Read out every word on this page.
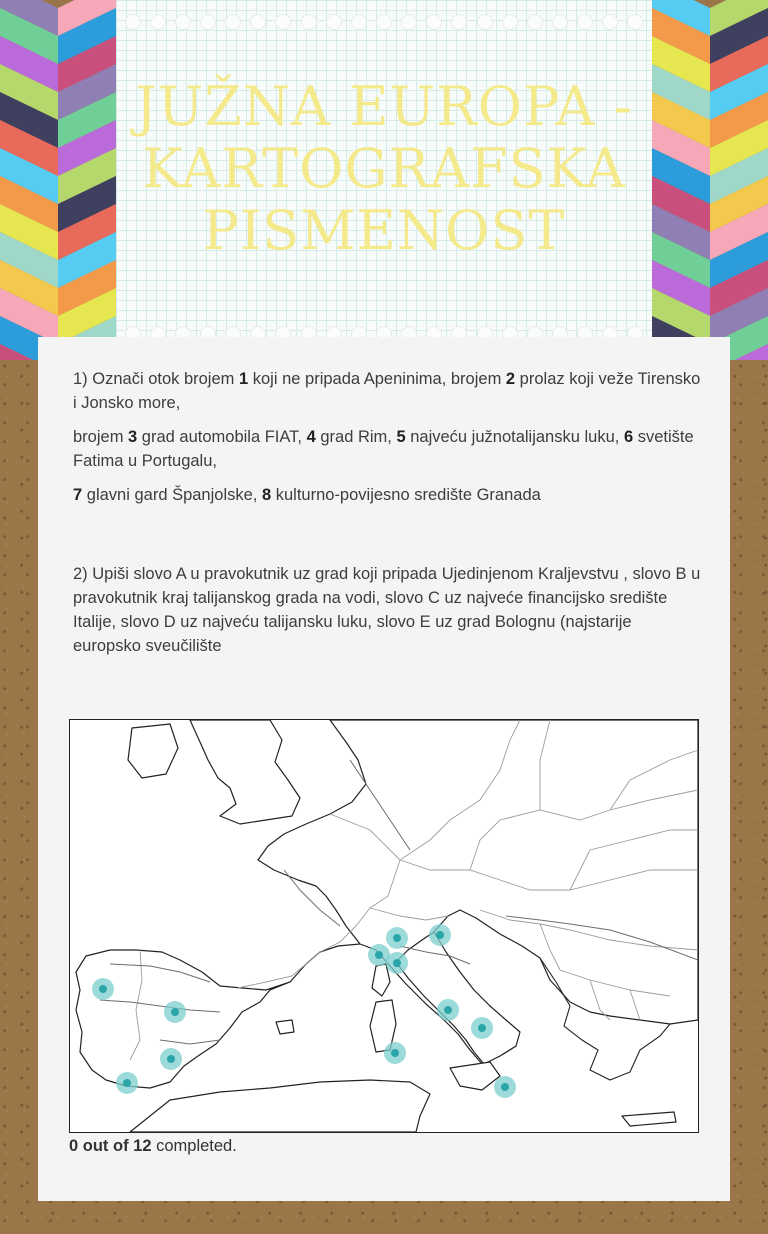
JUŽNA EUROPA -
KARTOGRAFSKA
PISMENOST
1) Označi otok brojem 1 koji ne pripada Apeninima, brojem 2 prolaz koji veže Tirensko i Jonsko more,
brojem 3 grad automobila FIAT, 4 grad Rim, 5 najveću južnotalijansku luku, 6 svetište Fatima u Portugalu,
7 glavni gard Španjolske, 8 kulturno-povijesno središte Granada
2) Upiši slovo A u pravokutnik uz grad koji pripada Ujedinjenom Kraljevstvu , slovo B u pravokutnik kraj talijanskog grada na vodi, slovo C uz najveće financijsko središte Italije, slovo D uz najveću talijansku luku, slovo E uz grad Bolognu (najstarije europsko sveučilište
0 out of 12 completed.
